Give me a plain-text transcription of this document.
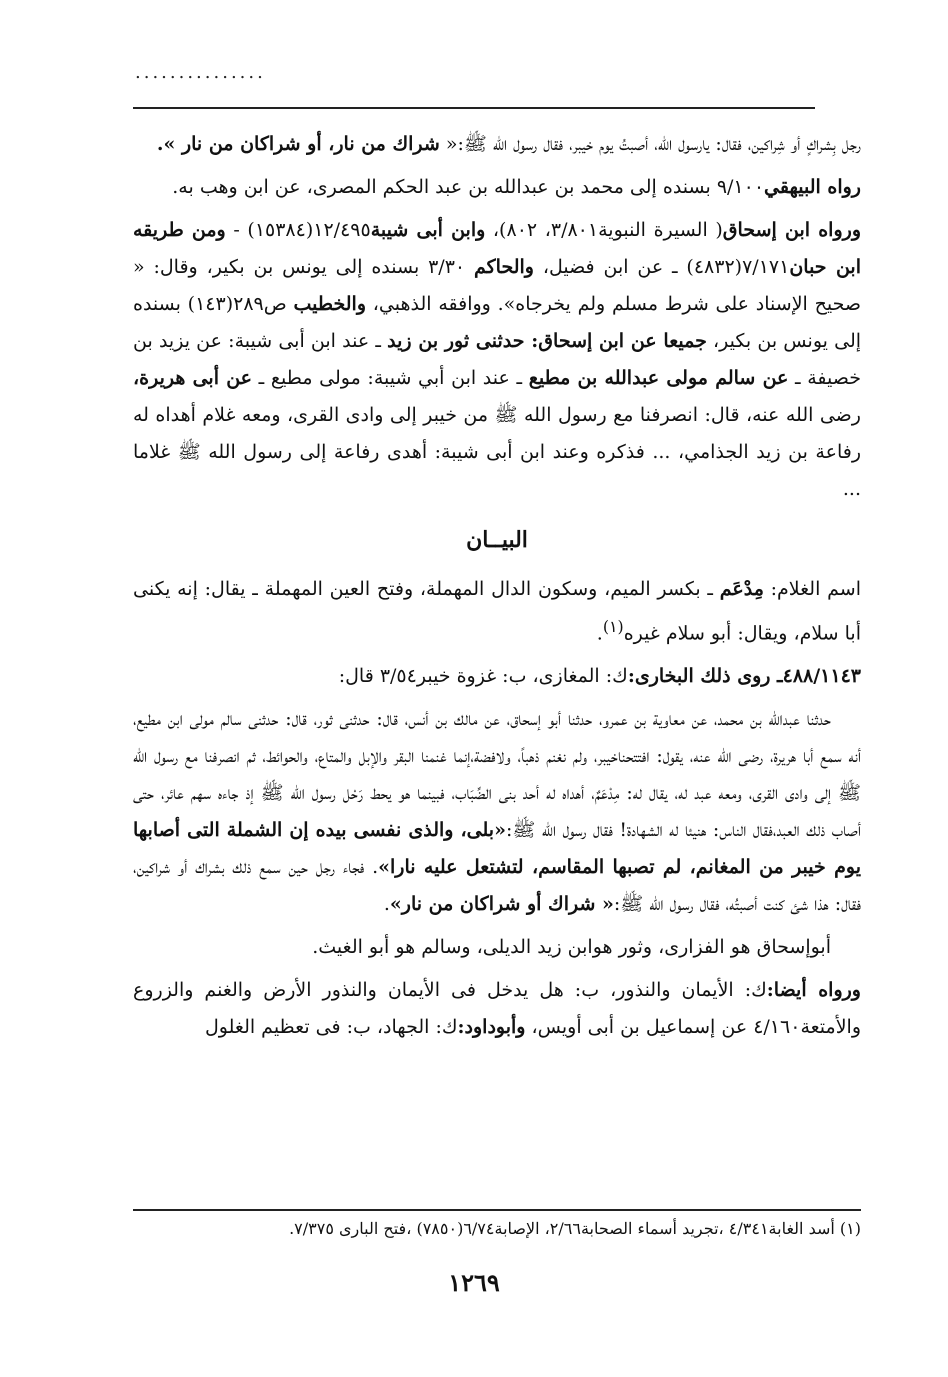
...............

رجل بِشراكٍ أو شِراكين، فقال: يارسول الله، أصبتُ يوم خيبر، فقال رسول الله ﷺ:« شراك من نار، أو شراكان من نار ».

رواه البيهقي٩/١٠٠ بسنده إلى محمد بن عبدالله بن عبد الحكم المصرى، عن ابن وهب به.

ورواه ابن إسحاق( السيرة النبوية٣/٨٠١، ٨٠٢)، وابن أبى شيبة١٢/٤٩٥(١٥٣٨٤) - ومن طريقه ابن حبان٧/١٧١(٤٨٣٢) ـ عن ابن فضيل، والحاكم ٣/٣٠ بسنده إلى يونس بن بكير، وقال: « صحيح الإسناد على شرط مسلم ولم يخرجاه». ووافقه الذهبي، والخطيب ص٢٨٩(١٤٣) بسنده إلى يونس بن بكير، جميعا عن ابن إسحاق: حدثنى ثور بن زيد ـ عند ابن أبى شيبة: عن يزيد بن خصيفة ـ عن سالم مولى عبدالله بن مطيع ـ عند ابن أبي شيبة: مولى مطيع ـ عن أبى هريرة، رضى الله عنه، قال: انصرفنا مع رسول الله ﷺ من خيبر إلى وادى القرى، ومعه غلام أهداه له رفاعة بن زيد الجذامي، ... فذكره وعند ابن أبى شيبة: أهدى رفاعة إلى رسول الله ﷺ غلاما ...

البيــان

اسم الغلام: مِدْعَم ـ بكسر الميم، وسكون الدال المهملة، وفتح العين المهملة ـ يقال: إنه يكنى أبا سلام، ويقال: أبو سلام غيره$^{(١)}$.

٤٨٨/١١٤٣ـ روى ذلك البخارى:ك: المغازى، ب: غزوة خيبر٣/٥٤ قال:

حدثنا عبدالله بن محمد، عن معاوية بن عمرو، حدثنا أبو إسحاق، عن مالك بن أنس، قال: حدثنى ثور، قال: حدثنى سالم مولى ابن مطيع، أنه سمع أبا هريرة، رضى الله عنه، يقول: افتتحناخيبر، ولم نغنم ذهباً، ولافضة،إنما غنمنا البقر والإبل والمتاع، والحوائط، ثم انصرفنا مع رسول الله ﷺ إلى وادى القرى، ومعه عبد له، يقال له: مِدْعَمٌ، أهداه له أحد بنى الضِّبَاب، فبينما هو يحط رَحْل رسول الله ﷺ إذ جاءه سهم عائر، حتى أصاب ذلك العبد،فقال الناس: هنيئا له الشهادة! فقال رسول الله ﷺ:«بلى، والذى نفسى بيده إن الشملة التى أصابها يوم خيبر من المغانم، لم تصبها المقاسم، لتشتعل عليه نارا». فجاء رجل حين سمع ذلك بشراك أو شراكين، فقال: هذا شئ كنت أصبتُه، فقال رسول الله ﷺ:« شراك أو شراكان من نار».

أبوإسحاق هو الفزارى، وثور هوابن زيد الديلى، وسالم هو أبو الغيث.

ورواه أيضا:ك: الأيمان والنذور، ب: هل يدخل فى الأيمان والنذور الأرض والغنم والزروع والأمتعة٤/١٦٠ عن إسماعيل بن أبى أويس، وأبوداود:ك: الجهاد، ب: فى تعظيم الغلول

(١) أسد الغابة٤/٣٤١ ،تجريد أسماء الصحابة٢/٦٦، الإصابة٦/٧٤(٧٨٥٠) ،فتح البارى ٧/٣٧٥.
١٢٦٩
